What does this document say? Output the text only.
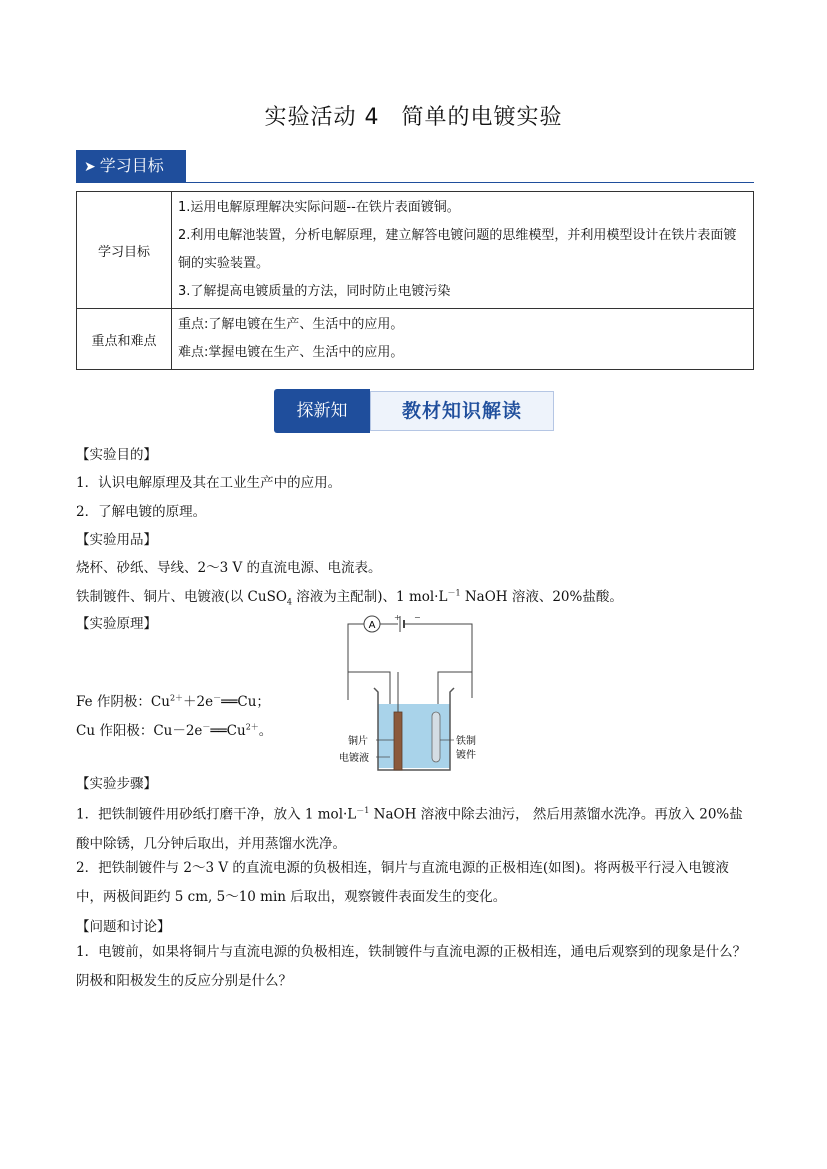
实验活动 4 简单的电镀实验
➤ 学习目标
学习目标	1.运用电解原理解决实际问题--在铁片表面镀铜。

2.利用电解池装置，分析电解原理，建立解答电镀问题的思维模型，并利用模型设计在铁片表面镀铜的实验装置。

3.了解提高电镀质量的方法，同时防止电镀污染

重点和难点	重点:了解电镀在生产、生活中的应用。

难点:掌握电镀在生产、生活中的应用。

探新知	教材知识解读
【实验目的】
1．认识电解原理及其在工业生产中的应用。
2．了解电镀的原理。
【实验用品】
烧杯、砂纸、导线、2～3 V 的直流电源、电流表。
铁制镀件、铜片、电镀液(以 CuSO$_4$ 溶液为主配制)、1 $mol\cdot L^{-1}$ NaOH 溶液、20%盐酸。
【实验原理】
Fe 作阴极：$Cu^{2+}+2e^-══Cu$；
Cu 作阳极：$Cu-2e^-══Cu^{2+}$。
A
+ −
铜片
电镀液
铁制
镀件
【实验步骤】
1．把铁制镀件用砂纸打磨干净，放入 1 $mol\cdot L^{-1}$ NaOH 溶液中除去油污， 然后用蒸馏水洗净。再放入 20%盐酸中除锈，几分钟后取出，并用蒸馏水洗净。
2．把铁制镀件与 2～3 V 的直流电源的负极相连，铜片与直流电源的正极相连(如图)。将两极平行浸入电镀液中，两极间距约 5 cm, 5～10 min 后取出，观察镀件表面发生的变化。
【问题和讨论】
1．电镀前，如果将铜片与直流电源的负极相连，铁制镀件与直流电源的正极相连，通电后观察到的现象是什么？阴极和阳极发生的反应分别是什么？
